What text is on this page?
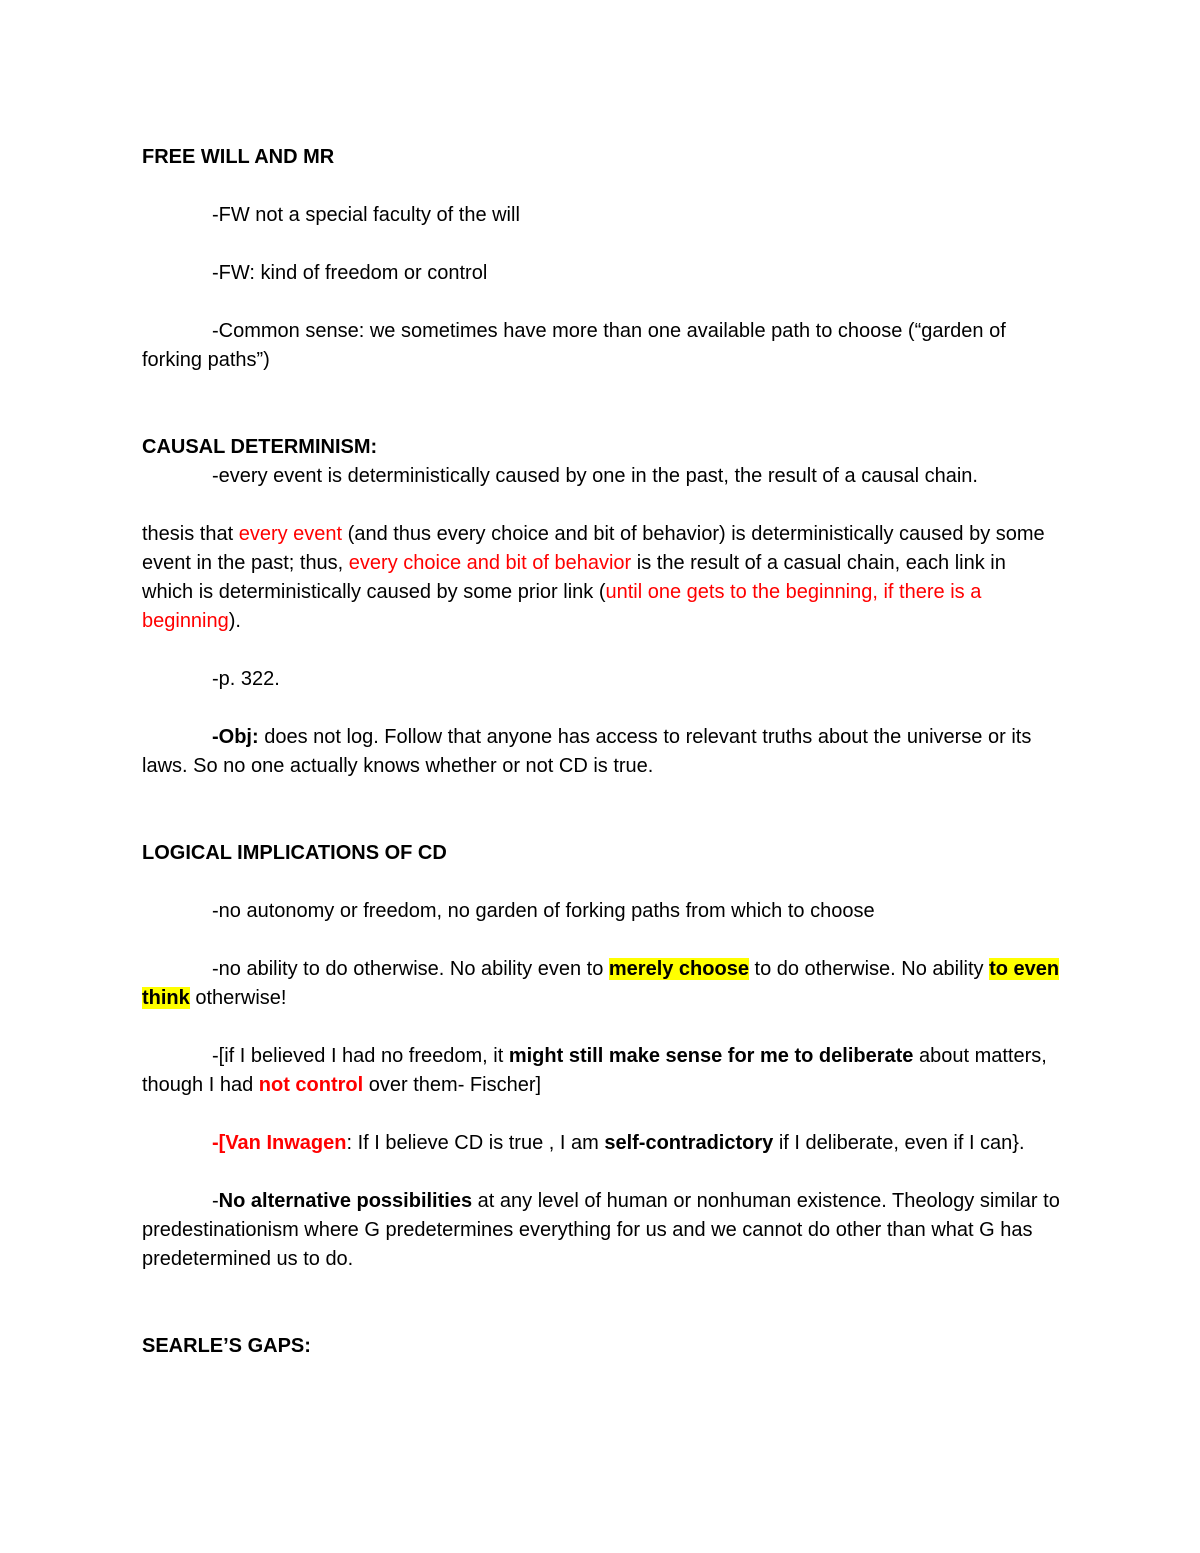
FREE WILL AND MR

-FW not a special faculty of the will

-FW: kind of freedom or control

-Common sense: we sometimes have more than one available path to choose (“garden of forking paths”)

CAUSAL DETERMINISM:

-every event is deterministically caused by one in the past, the result of a causal chain.

thesis that every event (and thus every choice and bit of behavior) is deterministically caused by some event in the past; thus, every choice and bit of behavior is the result of a casual chain, each link in which is deterministically caused by some prior link (until one gets to the beginning, if there is a beginning).

-p. 322.

-Obj: does not log. Follow that anyone has access to relevant truths about the universe or its laws. So no one actually knows whether or not CD is true.

LOGICAL IMPLICATIONS OF CD

-no autonomy or freedom, no garden of forking paths from which to choose

-no ability to do otherwise. No ability even to merely choose to do otherwise. No ability to even think otherwise!

-[if I believed I had no freedom, it might still make sense for me to deliberate about matters, though I had not control over them- Fischer]

-[Van Inwagen: If I believe CD is true , I am self-contradictory if I deliberate, even if I can}.

-No alternative possibilities at any level of human or nonhuman existence. Theology similar to predestinationism where G predetermines everything for us and we cannot do other than what G has predetermined us to do.

SEARLE’S GAPS:
